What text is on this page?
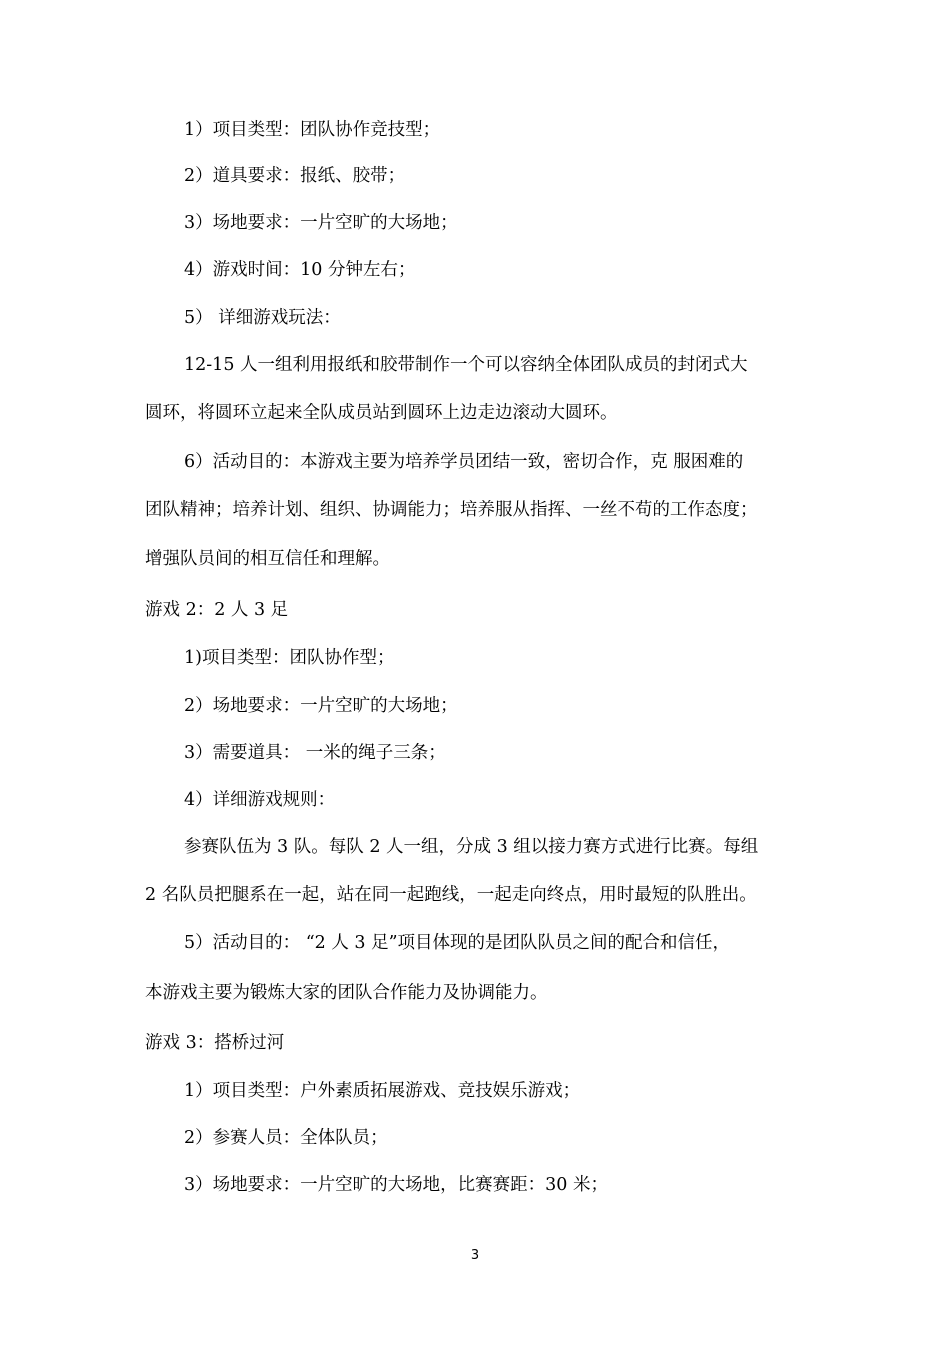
1）项目类型：团队协作竞技型；
2）道具要求：报纸、胶带；
3）场地要求：一片空旷的大场地；
4）游戏时间：10 分钟左右；
5） 详细游戏玩法：
12-15 人一组利用报纸和胶带制作一个可以容纳全体团队成员的封闭式大
圆环，将圆环立起来全队成员站到圆环上边走边滚动大圆环。
6）活动目的：本游戏主要为培养学员团结一致，密切合作，克 服困难的
团队精神；培养计划、组织、协调能力；培养服从指挥、一丝不苟的工作态度；
增强队员间的相互信任和理解。
游戏 2：2 人 3 足
1)项目类型：团队协作型；
2）场地要求：一片空旷的大场地；
3）需要道具： 一米的绳子三条；
4）详细游戏规则：
参赛队伍为 3 队。每队 2 人一组，分成 3 组以接力赛方式进行比赛。每组
2 名队员把腿系在一起，站在同一起跑线，一起走向终点，用时最短的队胜出。
5）活动目的： “2 人 3 足”项目体现的是团队队员之间的配合和信任，
本游戏主要为锻炼大家的团队合作能力及协调能力。
游戏 3：搭桥过河
1）项目类型：户外素质拓展游戏、竞技娱乐游戏；
2）参赛人员：全体队员；
3）场地要求：一片空旷的大场地，比赛赛距：30 米；
3
